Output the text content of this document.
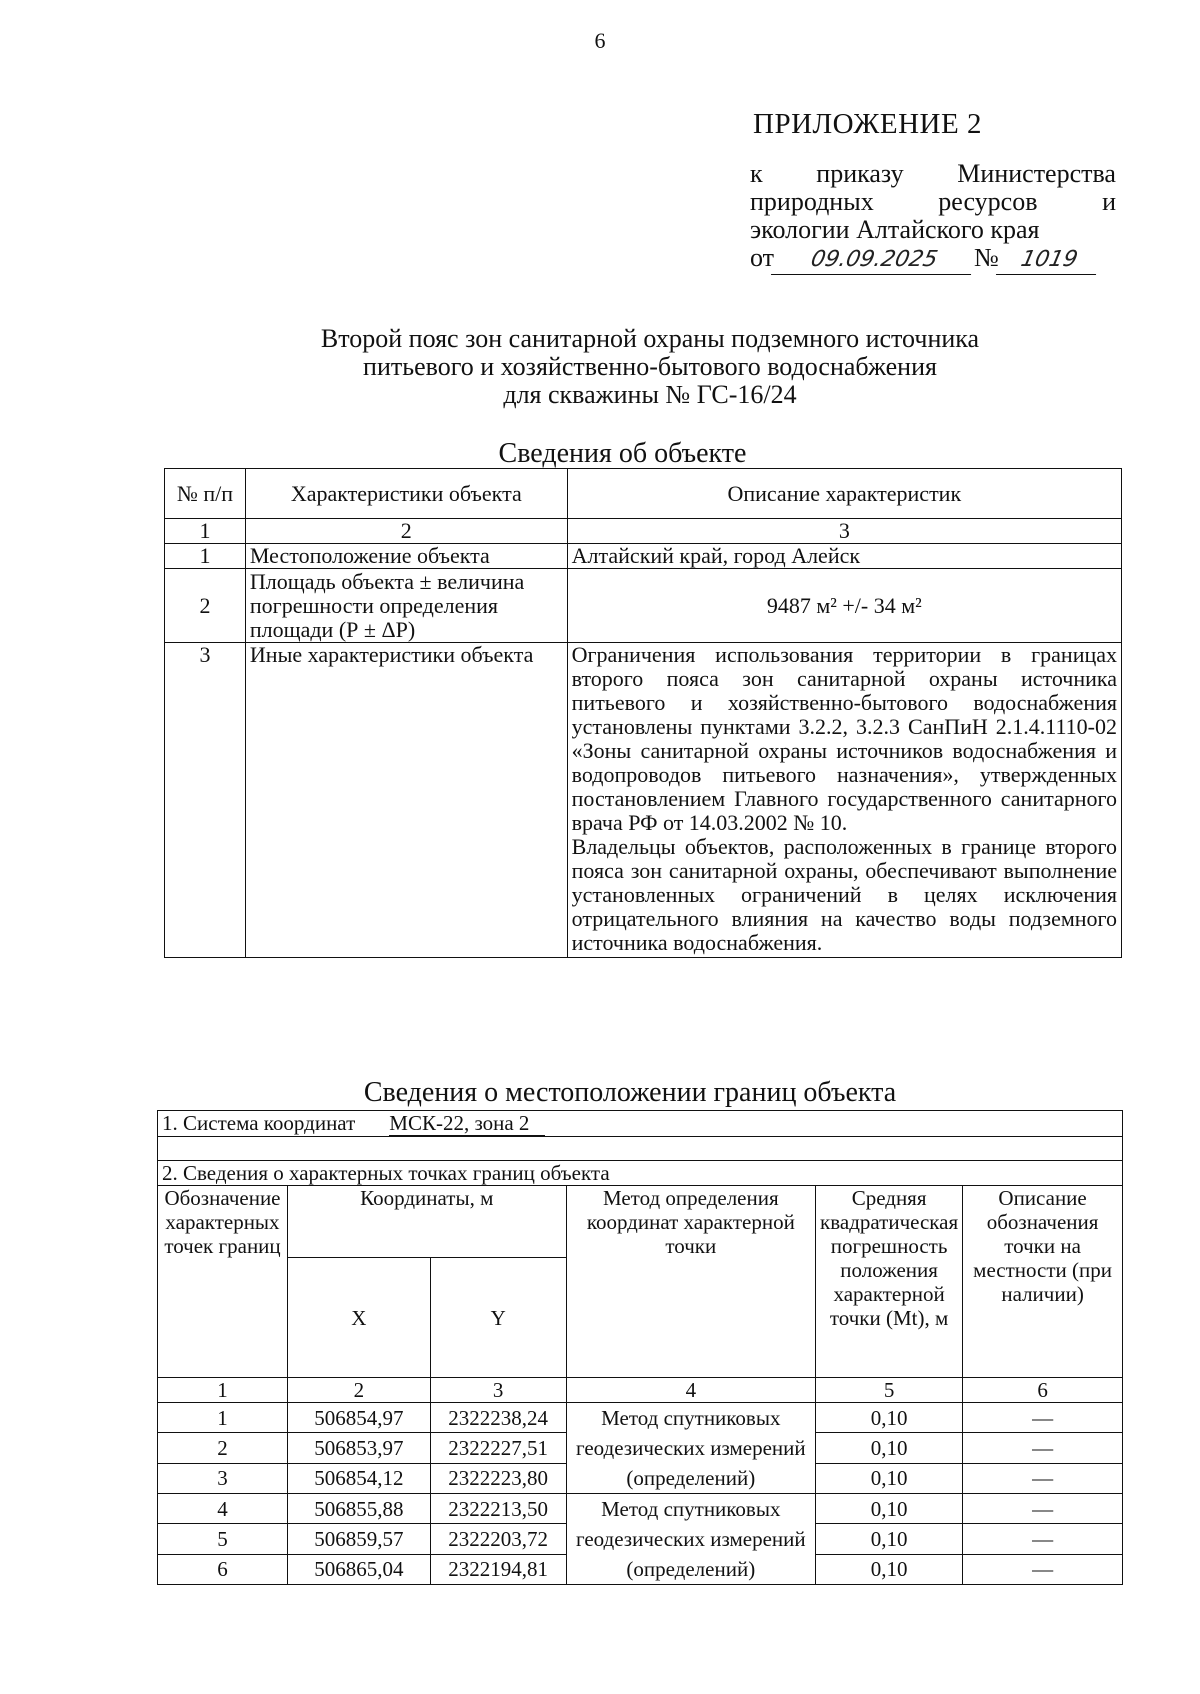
6
ПРИЛОЖЕНИЕ 2
к приказу Министерства
природных ресурсов и
экологии Алтайского края
от 09.09.2025 № 1019
Второй пояс зон санитарной охраны подземного источника
питьевого и хозяйственно-бытового водоснабжения
для скважины № ГС-16/24
Сведения об объекте
№ п/п	Характеристики объекта	Описание характеристик
1	2	3
1	Местоположение объекта	Алтайский край, город Алейск
2	Площадь объекта ± величина погрешности определения площади (Р ± ΔР)	9487 м² +/- 34 м²
3	Иные характеристики объекта	Ограничения использования территории в границах второго пояса зон санитарной охраны источника питьевого и хозяйственно-бытового водоснабжения установлены пунктами 3.2.2, 3.2.3 СанПиН 2.1.4.1110-02 «Зоны санитарной охраны источников водоснабжения и водопроводов питьевого назначения», утвержденных постановлением Главного государственного санитарного врача РФ от 14.03.2002 № 10.
Владельцы объектов, расположенных в границе второго пояса зон санитарной охраны, обеспечивают выполнение установленных ограничений в целях исключения отрицательного влияния на качество воды подземного источника водоснабжения.
Сведения о местоположении границ объекта
1. Система координат МСК-22, зона 2					

2. Сведения о характерных точках границ объекта					
Обозначение характерных точек границ	Координаты, м		Метод определения координат характерной точки	Средняя квадратическая погрешность положения характерной точки (Mt), м	Описание обозначения точки на местности (при наличии)
	X	Y			
1	2	3	4	5	6
1	506854,97	2322238,24	Метод спутниковых геодезических измерений (определений)	0,10	—
2	506853,97	2322227,51		0,10	—
3	506854,12	2322223,80		0,10	—
4	506855,88	2322213,50	Метод спутниковых геодезических измерений (определений)	0,10	—
5	506859,57	2322203,72		0,10	—
6	506865,04	2322194,81		0,10	—
